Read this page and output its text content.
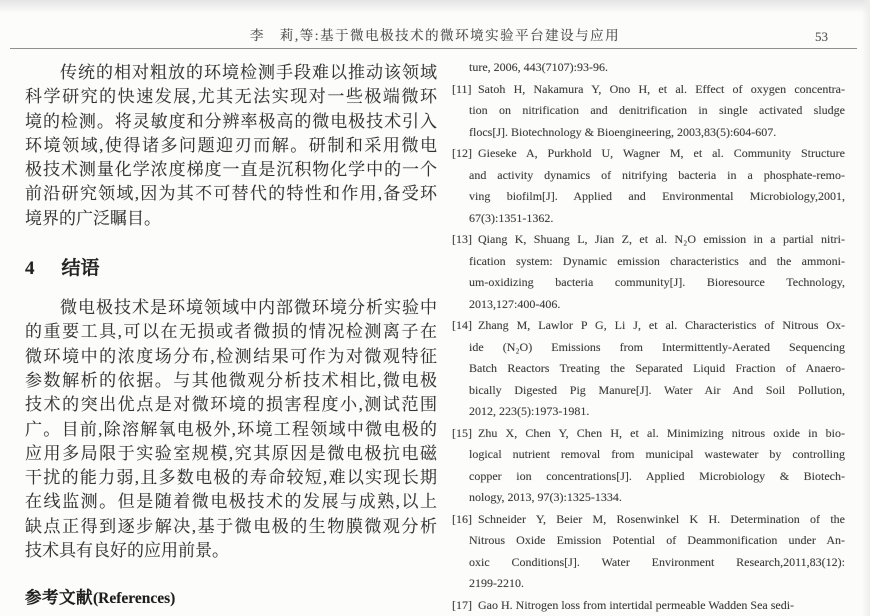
李　莉,等:基于微电极技术的微环境实验平台建设与应用	53
传统的相对粗放的环境检测手段难以推动该领域
科学研究的快速发展,尤其无法实现对一些极端微环
境的检测。将灵敏度和分辨率极高的微电极技术引入
环境领域,使得诸多问题迎刃而解。研制和采用微电
极技术测量化学浓度梯度一直是沉积物化学中的一个
前沿研究领域,因为其不可替代的特性和作用,备受环
境界的广泛瞩目。
4 结语
微电极技术是环境领域中内部微环境分析实验中
的重要工具,可以在无损或者微损的情况检测离子在
微环境中的浓度场分布,检测结果可作为对微观特征
参数解析的依据。与其他微观分析技术相比,微电极
技术的突出优点是对微环境的损害程度小,测试范围
广。目前,除溶解氧电极外,环境工程领域中微电极的
应用多局限于实验室规模,究其原因是微电极抗电磁
干扰的能力弱,且多数电极的寿命较短,难以实现长期
在线监测。但是随着微电极技术的发展与成熟,以上
缺点正得到逐步解决,基于微电极的生物膜微观分析
技术具有良好的应用前景。
参考文献(References)
ture, 2006, 443(7107):93-96.
[11] Satoh H, Nakamura Y, Ono H, et al. Effect of oxygen concentra-
tion on nitrification and denitrification in single activated sludge
flocs[J]. Biotechnology & Bioengineering, 2003,83(5):604-607.
[12] Gieseke A, Purkhold U, Wagner M, et al. Community Structure
and activity dynamics of nitrifying bacteria in a phosphate-remo-
ving biofilm[J]. Applied and Environmental Microbiology,2001,
67(3):1351-1362.
[13] Qiang K, Shuang L, Jian Z, et al. N₂O emission in a partial nitri-
fication system: Dynamic emission characteristics and the ammoni-
um-oxidizing bacteria community[J]. Bioresource Technology,
2013,127:400-406.
[14] Zhang M, Lawlor P G, Li J, et al. Characteristics of Nitrous Ox-
ide (N₂O) Emissions from Intermittently-Aerated Sequencing
Batch Reactors Treating the Separated Liquid Fraction of Anaero-
bically Digested Pig Manure[J]. Water Air And Soil Pollution,
2012, 223(5):1973-1981.
[15] Zhu X, Chen Y, Chen H, et al. Minimizing nitrous oxide in bio-
logical nutrient removal from municipal wastewater by controlling
copper ion concentrations[J]. Applied Microbiology & Biotech-
nology, 2013, 97(3):1325-1334.
[16] Schneider Y, Beier M, Rosenwinkel K H. Determination of the
Nitrous Oxide Emission Potential of Deammonification under An-
oxic Conditions[J]. Water Environment Research,2011,83(12):
2199-2210.
[17] Gao H. Nitrogen loss from intertidal permeable Wadden Sea sedi-
